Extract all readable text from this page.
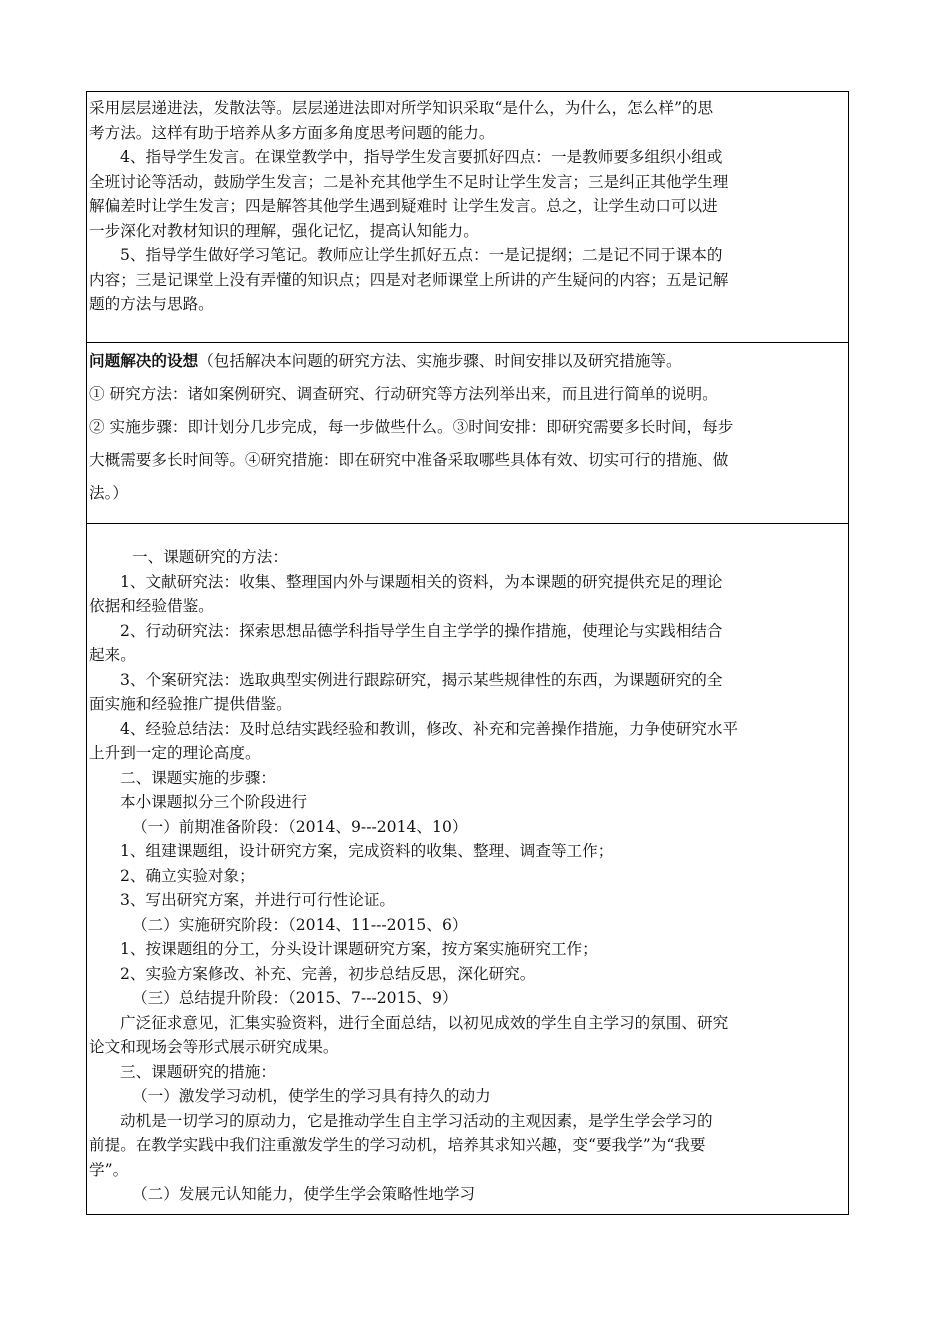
采用层层递进法，发散法等。层层递进法即对所学知识采取“是什么，为什么，怎么样”的思

考方法。这样有助于培养从多方面多角度思考问题的能力。

4、指导学生发言。在课堂教学中，指导学生发言要抓好四点：一是教师要多组织小组或

全班讨论等活动，鼓励学生发言；二是补充其他学生不足时让学生发言；三是纠正其他学生理

解偏差时让学生发言；四是解答其他学生遇到疑难时 让学生发言。总之，让学生动口可以进

一步深化对教材知识的理解，强化记忆，提高认知能力。

5、指导学生做好学习笔记。教师应让学生抓好五点：一是记提纲；二是记不同于课本的

内容；三是记课堂上没有弄懂的知识点；四是对老师课堂上所讲的产生疑问的内容；五是记解

题的方法与思路。

问题解决的设想（包括解决本问题的研究方法、实施步骤、时间安排以及研究措施等。

① 研究方法：诸如案例研究、调查研究、行动研究等方法列举出来，而且进行简单的说明。

② 实施步骤：即计划分几步完成，每一步做些什么。③时间安排：即研究需要多长时间，每步

大概需要多长时间等。④研究措施：即在研究中准备采取哪些具体有效、切实可行的措施、做

法。）

一、课题研究的方法：

1、文献研究法：收集、整理国内外与课题相关的资料，为本课题的研究提供充足的理论

依据和经验借鉴。

2、行动研究法：探索思想品德学科指导学生自主学学的操作措施，使理论与实践相结合

起来。

3、个案研究法：选取典型实例进行跟踪研究，揭示某些规律性的东西，为课题研究的全

面实施和经验推广提供借鉴。

4、经验总结法：及时总结实践经验和教训，修改、补充和完善操作措施，力争使研究水平

上升到一定的理论高度。

二、课题实施的步骤：

本小课题拟分三个阶段进行

（一）前期准备阶段：（2014、9---2014、10）

1、组建课题组，设计研究方案，完成资料的收集、整理、调查等工作；

2、确立实验对象；

3、写出研究方案，并进行可行性论证。

（二）实施研究阶段：（2014、11---2015、6）

1、按课题组的分工，分头设计课题研究方案，按方案实施研究工作；

2、实验方案修改、补充、完善，初步总结反思，深化研究。

（三）总结提升阶段：（2015、7---2015、9）

广泛征求意见，汇集实验资料，进行全面总结，以初见成效的学生自主学习的氛围、研究

论文和现场会等形式展示研究成果。

三、课题研究的措施：

（一）激发学习动机，使学生的学习具有持久的动力

动机是一切学习的原动力，它是推动学生自主学习活动的主观因素，是学生学会学习的

前提。在教学实践中我们注重激发学生的学习动机，培养其求知兴趣，变“要我学”为“我要

学”。

（二）发展元认知能力，使学生学会策略性地学习
